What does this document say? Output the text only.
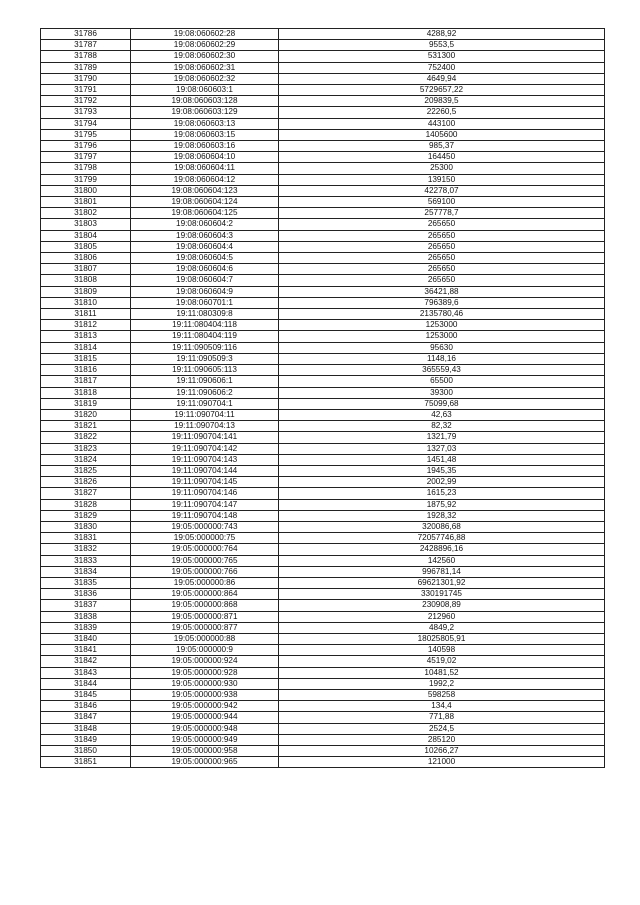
31786	19:08:060602:28	4288,92
31787	19:08:060602:29	9553,5
31788	19:08:060602:30	531300
31789	19:08:060602:31	752400
31790	19:08:060602:32	4649,94
31791	19:08:060603:1	5729657,22
31792	19:08:060603:128	209839,5
31793	19:08:060603:129	22260,5
31794	19:08:060603:13	443100
31795	19:08:060603:15	1405600
31796	19:08:060603:16	985,37
31797	19:08:060604:10	164450
31798	19:08:060604:11	25300
31799	19:08:060604:12	139150
31800	19:08:060604:123	42278,07
31801	19:08:060604:124	569100
31802	19:08:060604:125	257778,7
31803	19:08:060604:2	265650
31804	19:08:060604:3	265650
31805	19:08:060604:4	265650
31806	19:08:060604:5	265650
31807	19:08:060604:6	265650
31808	19:08:060604:7	265650
31809	19:08:060604:9	36421,88
31810	19:08:060701:1	796389,6
31811	19:11:080309:8	2135780,46
31812	19:11:080404:118	1253000
31813	19:11:080404:119	1253000
31814	19:11:090509:116	95630
31815	19:11:090509:3	1148,16
31816	19:11:090605:113	365559,43
31817	19:11:090606:1	65500
31818	19:11:090606:2	39300
31819	19:11:090704:1	75099,68
31820	19:11:090704:11	42,63
31821	19:11:090704:13	82,32
31822	19:11:090704:141	1321,79
31823	19:11:090704:142	1327,03
31824	19:11:090704:143	1451,48
31825	19:11:090704:144	1945,35
31826	19:11:090704:145	2002,99
31827	19:11:090704:146	1615,23
31828	19:11:090704:147	1875,92
31829	19:11:090704:148	1928,32
31830	19:05:000000:743	320086,68
31831	19:05:000000:75	72057746,88
31832	19:05:000000:764	2428896,16
31833	19:05:000000:765	142560
31834	19:05:000000:766	996781,14
31835	19:05:000000:86	69621301,92
31836	19:05:000000:864	330191745
31837	19:05:000000:868	230908,89
31838	19:05:000000:871	212960
31839	19:05:000000:877	4849,2
31840	19:05:000000:88	18025805,91
31841	19:05:000000:9	140598
31842	19:05:000000:924	4519,02
31843	19:05:000000:928	10481,52
31844	19:05:000000:930	1992,2
31845	19:05:000000:938	598258
31846	19:05:000000:942	134,4
31847	19:05:000000:944	771,88
31848	19:05:000000:948	2524,5
31849	19:05:000000:949	285120
31850	19:05:000000:958	10266,27
31851	19:05:000000:965	121000
